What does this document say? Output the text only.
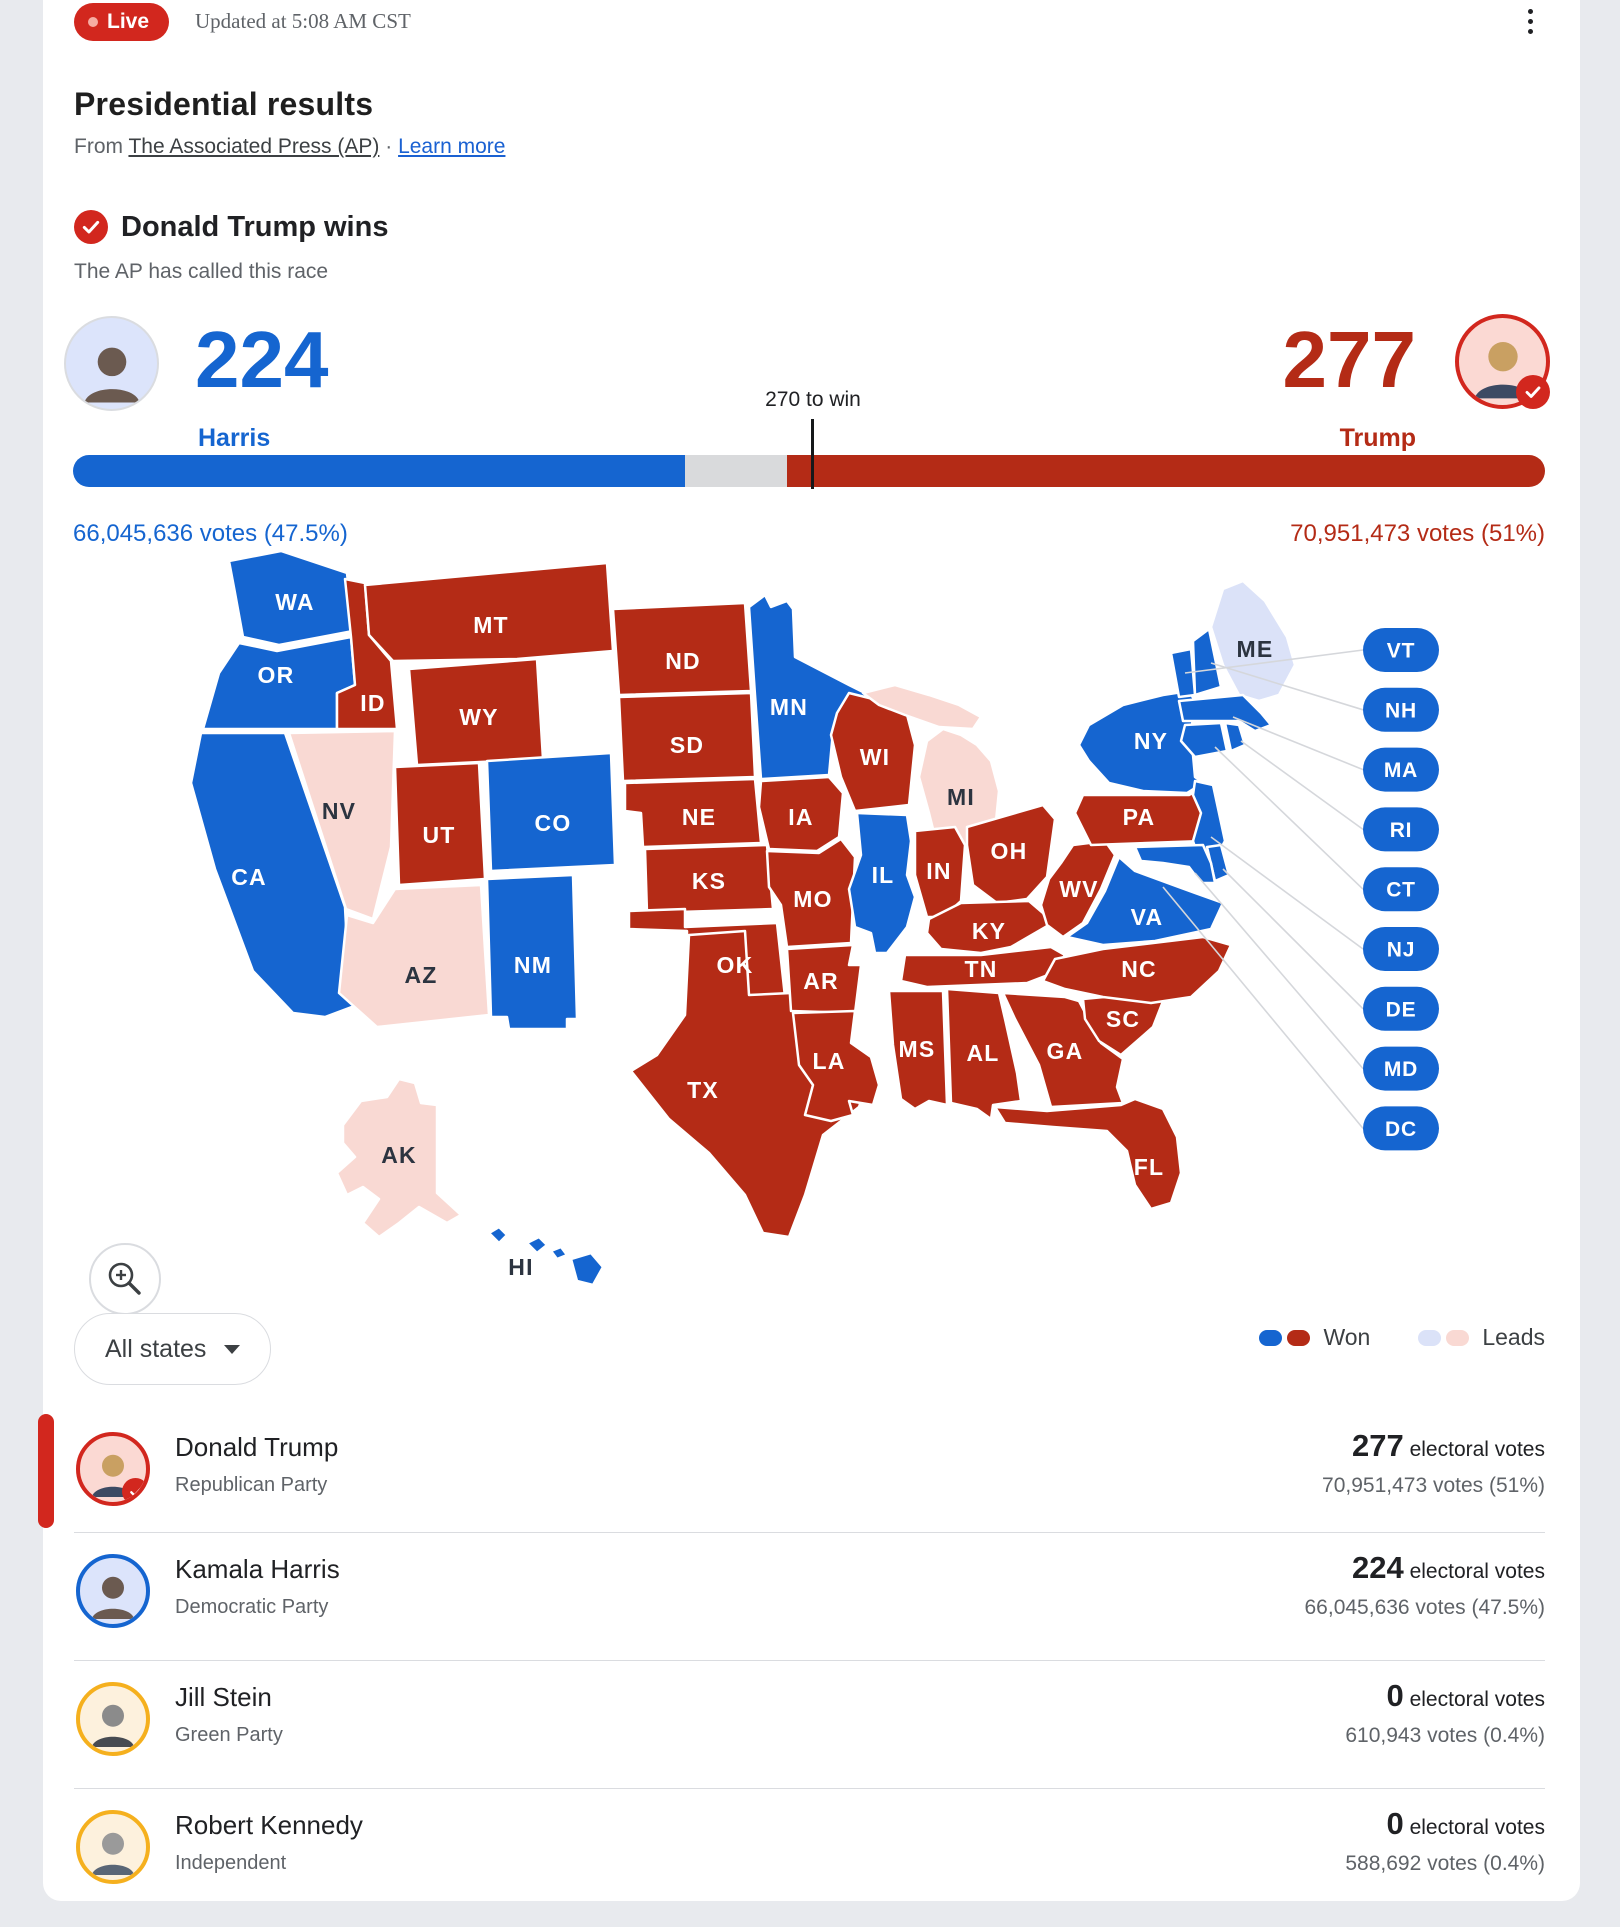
Live Updated at 5:08 AM CST
Presidential results
From The Associated Press (AP) · Learn more
Donald Trump wins
The AP has called this race
224
Harris
277
Trump
270 to win
66,045,636 votes (47.5%)	70,951,473 votes (51%)
WA
OR
CA
NV
ID
MT
WY
UT	CO
AZ	NM
ND
SD
NE
KS
OK
TX
MN
IA
MO
AR
LA
WI
IL
MS
MI
IN
OH
KY
TN
AL GA
FL
SC
NC
VA
WV
PA
NY
ME
AK
HI
VT
NH
MA
RI
CT
NJ
DE
MD
DC
All states	Won	Leads
Donald Trump
Republican Party
277 electoral votes
70,951,473 votes (51%)
Kamala Harris
Democratic Party
224 electoral votes
66,045,636 votes (47.5%)
Jill Stein
Green Party
0 electoral votes
610,943 votes (0.4%)
Robert Kennedy
Independent
0 electoral votes
588,692 votes (0.4%)
